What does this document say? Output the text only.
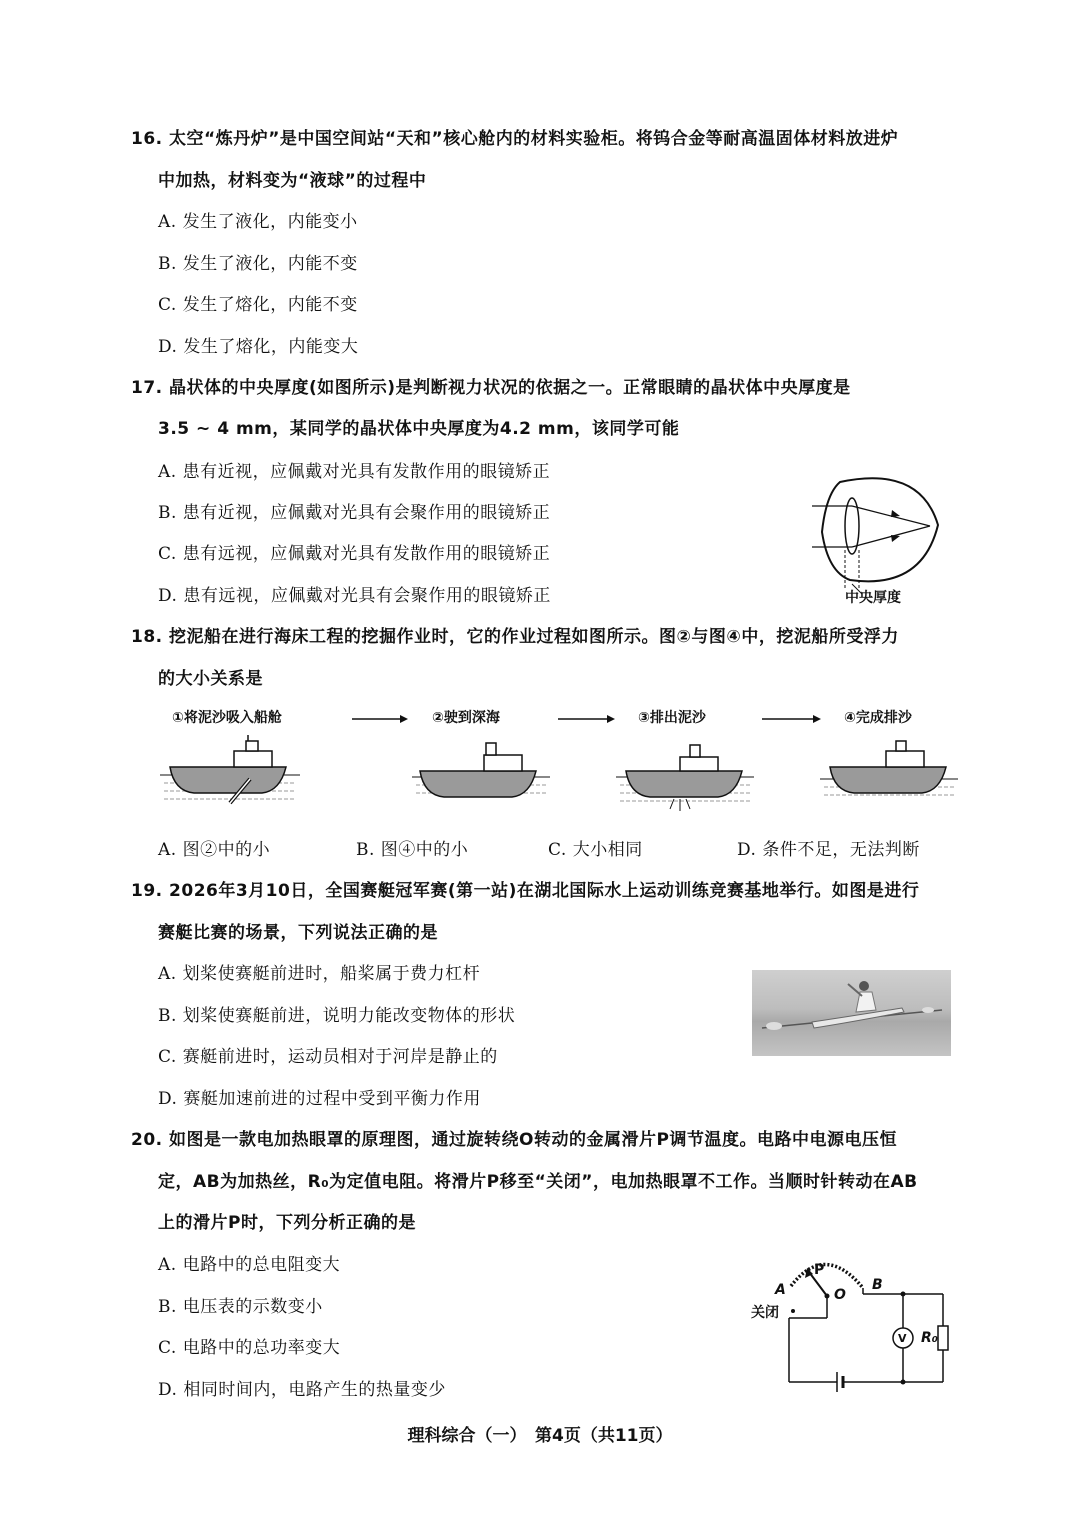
16. 太空“炼丹炉”是中国空间站“天和”核心舱内的材料实验柜。将钨合金等耐高温固体材料放进炉
中加热，材料变为“液球”的过程中
A. 发生了液化，内能变小
B. 发生了液化，内能不变
C. 发生了熔化，内能不变
D. 发生了熔化，内能变大
17. 晶状体的中央厚度(如图所示)是判断视力状况的依据之一。正常眼睛的晶状体中央厚度是
3.5 ~ 4 mm，某同学的晶状体中央厚度为4.2 mm，该同学可能
A. 患有近视，应佩戴对光具有发散作用的眼镜矫正
B. 患有近视，应佩戴对光具有会聚作用的眼镜矫正
C. 患有远视，应佩戴对光具有发散作用的眼镜矫正
D. 患有远视，应佩戴对光具有会聚作用的眼镜矫正	中央厚度
18. 挖泥船在进行海床工程的挖掘作业时，它的作业过程如图所示。图②与图④中，挖泥船所受浮力
的大小关系是
①将泥沙吸入船舱	②驶到深海	③排出泥沙	④完成排沙
A. 图②中的小	B. 图④中的小	C. 大小相同	D. 条件不足，无法判断
19. 2026年3月10日，全国赛艇冠军赛(第一站)在湖北国际水上运动训练竞赛基地举行。如图是进行
赛艇比赛的场景，下列说法正确的是
A. 划桨使赛艇前进时，船桨属于费力杠杆
B. 划桨使赛艇前进，说明力能改变物体的形状
C. 赛艇前进时，运动员相对于河岸是静止的
D. 赛艇加速前进的过程中受到平衡力作用
20. 如图是一款电加热眼罩的原理图，通过旋转绕O转动的金属滑片P调节温度。电路中电源电压恒
定，AB为加热丝，R₀为定值电阻。将滑片P移至“关闭”，电加热眼罩不工作。当顺时针转动在AB
上的滑片P时，下列分析正确的是
A. 电路中的总电阻变大
B. 电压表的示数变小
C. 电路中的总功率变大
D. 相同时间内，电路产生的热量变少
A	B
P
O
关闭
V R₀
理科综合（一）　第4页（共11页）
